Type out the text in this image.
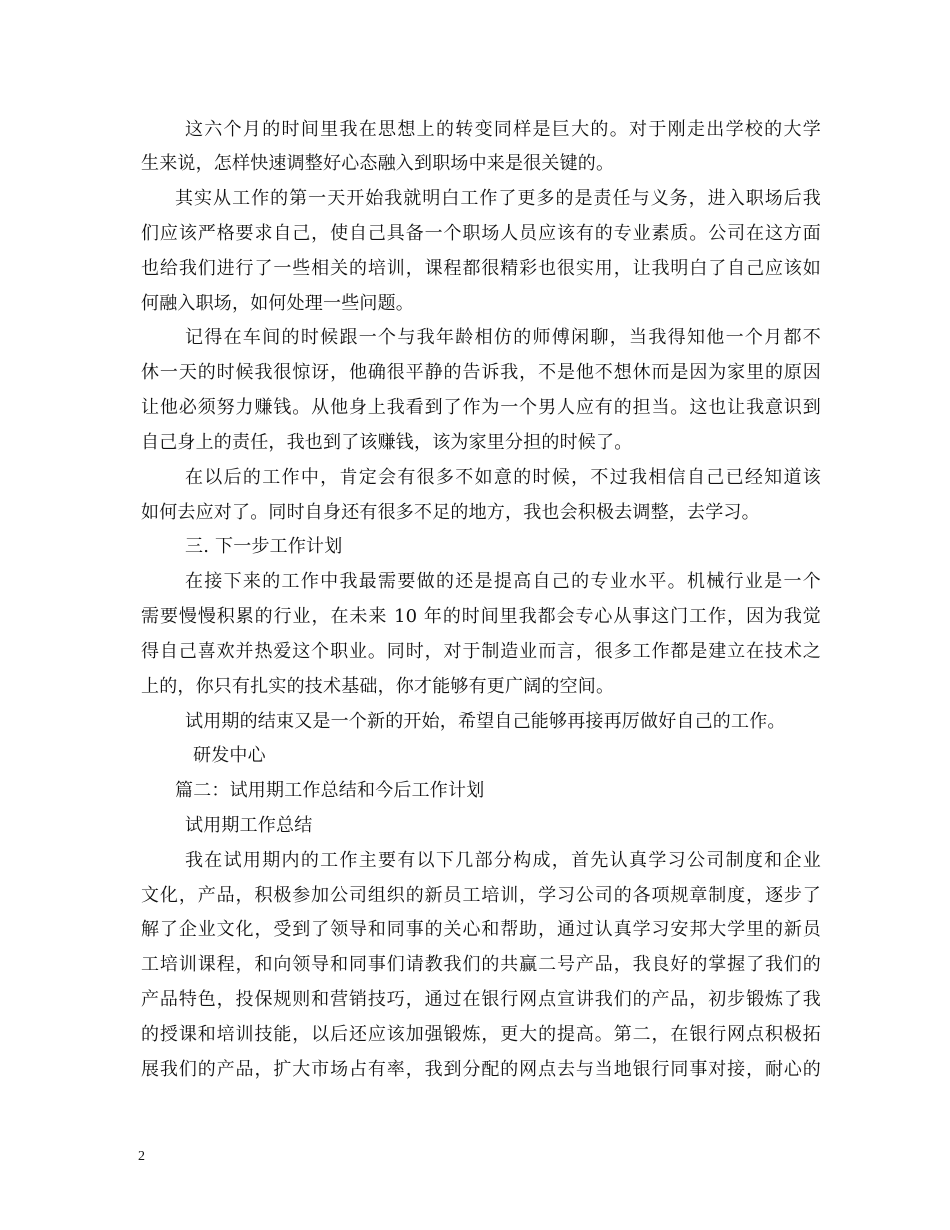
这六个月的时间里我在思想上的转变同样是巨大的。对于刚走出学校的大学
生来说，怎样快速调整好心态融入到职场中来是很关键的。
其实从工作的第一天开始我就明白工作了更多的是责任与义务，进入职场后我
们应该严格要求自己，使自己具备一个职场人员应该有的专业素质。公司在这方面
也给我们进行了一些相关的培训，课程都很精彩也很实用，让我明白了自己应该如
何融入职场，如何处理一些问题。
记得在车间的时候跟一个与我年龄相仿的师傅闲聊，当我得知他一个月都不
休一天的时候我很惊讶，他确很平静的告诉我，不是他不想休而是因为家里的原因
让他必须努力赚钱。从他身上我看到了作为一个男人应有的担当。这也让我意识到
自己身上的责任，我也到了该赚钱，该为家里分担的时候了。
在以后的工作中，肯定会有很多不如意的时候，不过我相信自己已经知道该
如何去应对了。同时自身还有很多不足的地方，我也会积极去调整，去学习。
三. 下一步工作计划
在接下来的工作中我最需要做的还是提高自己的专业水平。机械行业是一个
需要慢慢积累的行业，在未来 10 年的时间里我都会专心从事这门工作，因为我觉
得自己喜欢并热爱这个职业。同时，对于制造业而言，很多工作都是建立在技术之
上的，你只有扎实的技术基础，你才能够有更广阔的空间。
试用期的结束又是一个新的开始，希望自己能够再接再厉做好自己的工作。
研发中心
篇二：试用期工作总结和今后工作计划
试用期工作总结
我在试用期内的工作主要有以下几部分构成，首先认真学习公司制度和企业
文化，产品，积极参加公司组织的新员工培训，学习公司的各项规章制度，逐步了
解了企业文化，受到了领导和同事的关心和帮助，通过认真学习安邦大学里的新员
工培训课程，和向领导和同事们请教我们的共赢二号产品，我良好的掌握了我们的
产品特色，投保规则和营销技巧，通过在银行网点宣讲我们的产品，初步锻炼了我
的授课和培训技能，以后还应该加强锻炼，更大的提高。第二，在银行网点积极拓
展我们的产品，扩大市场占有率，我到分配的网点去与当地银行同事对接，耐心的
2
